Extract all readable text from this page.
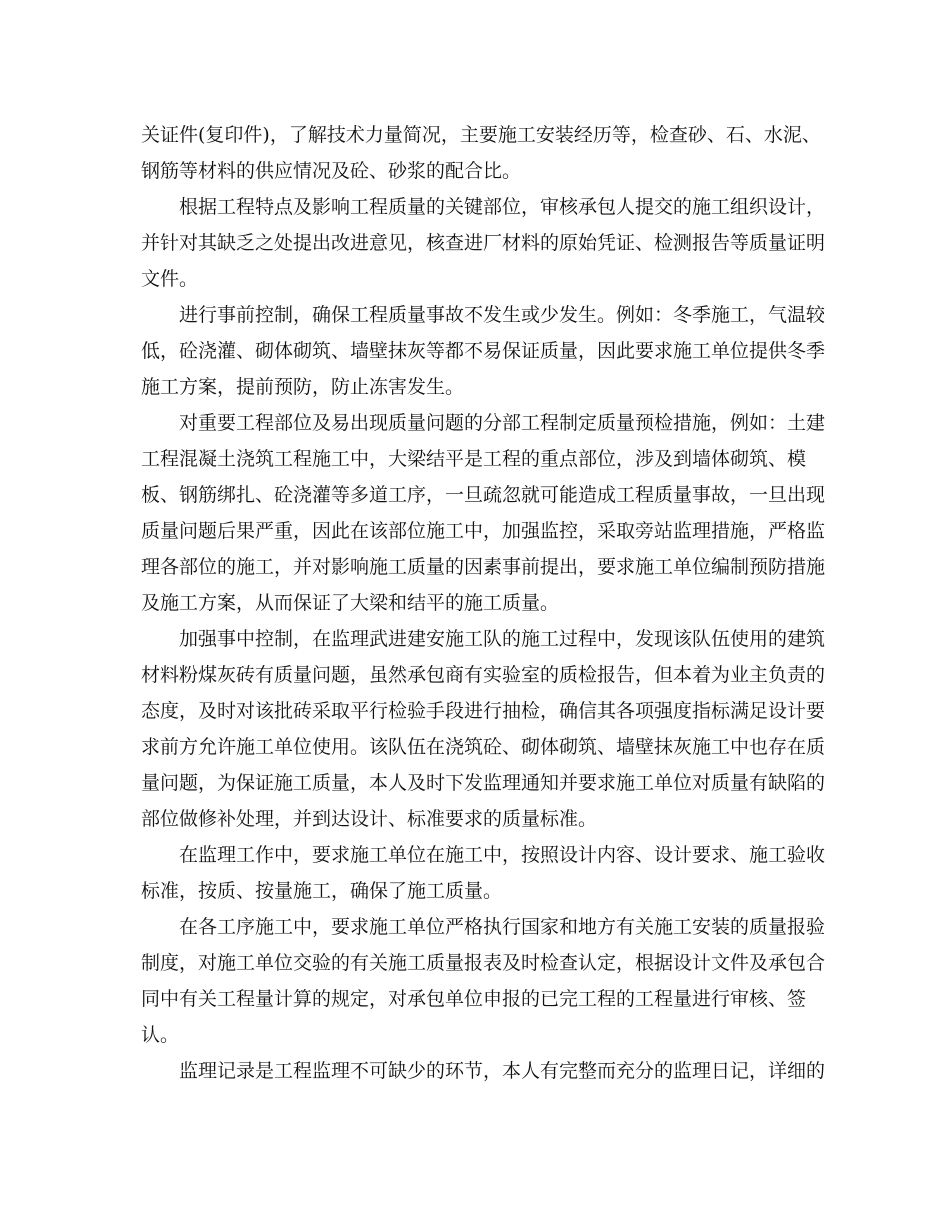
关证件(复印件)，了解技术力量简况，主要施工安装经历等，检查砂、石、水泥、
钢筋等材料的供应情况及砼、砂浆的配合比。

根据工程特点及影响工程质量的关键部位，审核承包人提交的施工组织设计，
并针对其缺乏之处提出改进意见，核查进厂材料的原始凭证、检测报告等质量证明
文件。

进行事前控制，确保工程质量事故不发生或少发生。例如：冬季施工，气温较
低，砼浇灌、砌体砌筑、墙壁抹灰等都不易保证质量，因此要求施工单位提供冬季
施工方案，提前预防，防止冻害发生。

对重要工程部位及易出现质量问题的分部工程制定质量预检措施，例如：土建
工程混凝土浇筑工程施工中，大梁结平是工程的重点部位，涉及到墙体砌筑、模
板、钢筋绑扎、砼浇灌等多道工序，一旦疏忽就可能造成工程质量事故，一旦出现
质量问题后果严重，因此在该部位施工中，加强监控，采取旁站监理措施，严格监
理各部位的施工，并对影响施工质量的因素事前提出，要求施工单位编制预防措施
及施工方案，从而保证了大梁和结平的施工质量。

加强事中控制，在监理武进建安施工队的施工过程中，发现该队伍使用的建筑
材料粉煤灰砖有质量问题，虽然承包商有实验室的质检报告，但本着为业主负责的
态度，及时对该批砖采取平行检验手段进行抽检，确信其各项强度指标满足设计要
求前方允许施工单位使用。该队伍在浇筑砼、砌体砌筑、墙壁抹灰施工中也存在质
量问题，为保证施工质量，本人及时下发监理通知并要求施工单位对质量有缺陷的
部位做修补处理，并到达设计、标准要求的质量标准。

在监理工作中，要求施工单位在施工中，按照设计内容、设计要求、施工验收
标准，按质、按量施工，确保了施工质量。

在各工序施工中，要求施工单位严格执行国家和地方有关施工安装的质量报验
制度，对施工单位交验的有关施工质量报表及时检查认定，根据设计文件及承包合
同中有关工程量计算的规定，对承包单位申报的已完工程的工程量进行审核、签
认。

监理记录是工程监理不可缺少的环节，本人有完整而充分的监理日记，详细的
